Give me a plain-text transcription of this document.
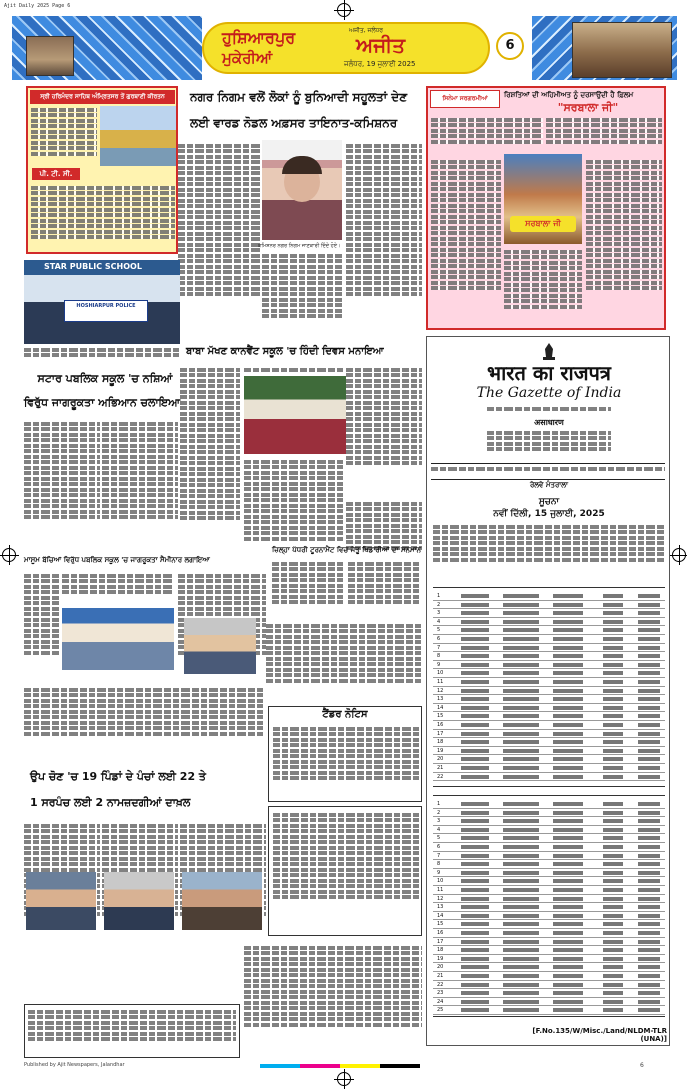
Ajit Daily 2025 Page 6
ਹੁਸ਼ਿਆਰਪੁਰ
ਮੁਕੇਰੀਆਂ
ਅਜੀਤ, ਜਲੰਧਰ
ਅਜੀਤ
ਜਲੰਧਰ, 19 ਜੁਲਾਈ 2025
6
ਸ੍ਰੀ ਹਰਿਮੰਦਰ ਸਾਹਿਬ ਅੰਮ੍ਰਿਤਸਰ ਤੋਂ ਗੁਰਬਾਣੀ ਕੀਰਤਨ
ਪੀ. ਟੀ. ਸੀ.
ਨਗਰ ਨਿਗਮ ਵਲੋਂ ਲੋਕਾਂ ਨੂੰ ਬੁਨਿਆਦੀ ਸਹੂਲਤਾਂ ਦੇਣ
ਲਈ ਵਾਰਡ ਨੋਡਲ ਅਫ਼ਸਰ ਤਾਇਨਾਤ-ਕਮਿਸ਼ਨਰ
ਕਮਿਸ਼ਨਰ ਨਗਰ ਨਿਗਮ ਜਾਣਕਾਰੀ ਦਿੰਦੇ ਹੋਏ।
ਸਿਨੇਮਾ ਸਰਗਰਮੀਆਂ	ਰਿਸ਼ਤਿਆਂ ਦੀ ਅਹਿਮੀਅਤ ਨੂੰ ਦਰਸਾਉਂਦੀ ਹੈ ਫ਼ਿਲਮ
"ਸਰਬਾਲਾ ਜੀ"
ਸਰਬਾਲਾ ਜੀ
STAR PUBLIC SCHOOL
HOSHIARPUR POLICE
ਸਟਾਰ ਪਬਲਿਕ ਸਕੂਲ 'ਚ ਨਸ਼ਿਆਂ
ਵਿਰੁੱਧ ਜਾਗਰੂਕਤਾ ਅਭਿਆਨ ਚਲਾਇਆ
ਬਾਬਾ ਮੱਖਣ ਕਾਨਵੈਂਟ ਸਕੂਲ 'ਚ ਹਿੰਦੀ ਦਿਵਸ ਮਨਾਇਆ
ਮਾਸੂਮ ਬੱਚਿਆਂ ਵਿਰੁੱਧ ਪਬਲਿਕ ਸਕੂਲ 'ਚ ਜਾਗਰੂਕਤਾ ਸੈਮੀਨਾਰ ਲਗਾਇਆ
ਜ਼ਿਲ੍ਹਾ ਪੱਧਰੀ ਟੂਰਨਾਮੈਂਟ ਵਿਚ ਜੇਤੂ ਖਿਡਾਰੀਆਂ ਦਾ ਸਨਮਾਨ
ਉਪ ਚੋਣ 'ਚ 19 ਪਿੰਡਾਂ ਦੇ ਪੰਚਾਂ ਲਈ 22 ਤੇ
1 ਸਰਪੰਚ ਲਈ 2 ਨਾਮਜ਼ਦਗੀਆਂ ਦਾਖ਼ਲ
ਟੈਂਡਰ ਨੋਟਿਸ
भारत का राजपत्र
The Gazette of India
असाधारण
ਰੇਲਵੇ ਮੰਤਰਾਲਾ
ਸੂਚਨਾ
ਨਵੀਂ ਦਿੱਲੀ, 15 ਜੁਲਾਈ, 2025
1
2
3
4
5
6
7
8
9
10
11
12
13
14
15
16
17
18
19
20
21
22
1
2
3
4
5
6
7
8
9
10
11
12
13
14
15
16
17
18
19
20
21
22
23
24
25
[F.No.135/W/Misc./Land/NLDM-TLR (UNA)]
Published by Ajit Newspapers, Jalandhar	6
